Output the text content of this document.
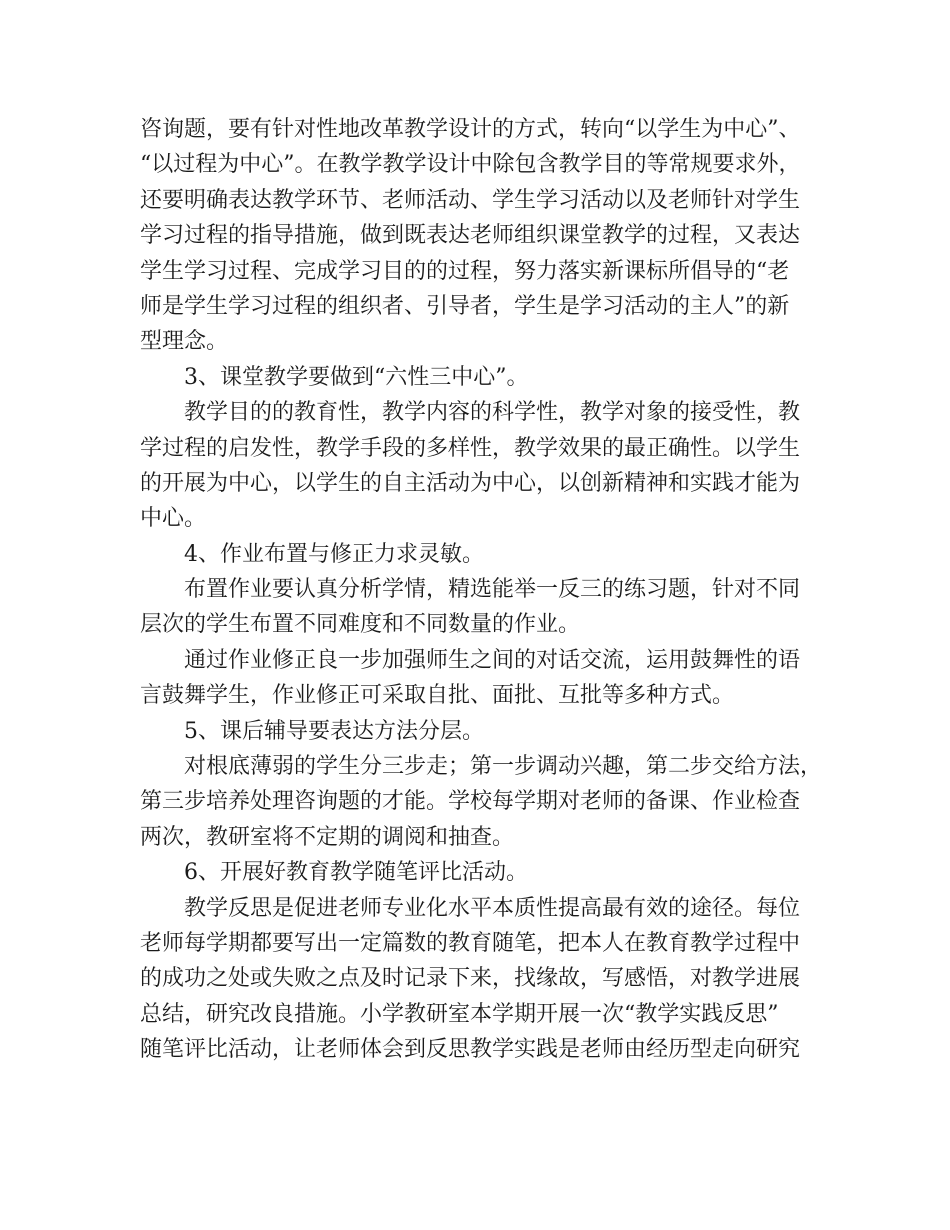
咨询题，要有针对性地改革教学设计的方式，转向“以学生为中心”、
“以过程为中心”。在教学教学设计中除包含教学目的等常规要求外，
还要明确表达教学环节、老师活动、学生学习活动以及老师针对学生
学习过程的指导措施，做到既表达老师组织课堂教学的过程，又表达
学生学习过程、完成学习目的的过程，努力落实新课标所倡导的“老
师是学生学习过程的组织者、引导者，学生是学习活动的主人”的新
型理念。
3、课堂教学要做到“六性三中心”。
教学目的的教育性，教学内容的科学性，教学对象的接受性，教
学过程的启发性，教学手段的多样性，教学效果的最正确性。以学生
的开展为中心，以学生的自主活动为中心，以创新精神和实践才能为
中心。
4、作业布置与修正力求灵敏。
布置作业要认真分析学情，精选能举一反三的练习题，针对不同
层次的学生布置不同难度和不同数量的作业。
通过作业修正良一步加强师生之间的对话交流，运用鼓舞性的语
言鼓舞学生，作业修正可采取自批、面批、互批等多种方式。
5、课后辅导要表达方法分层。
对根底薄弱的学生分三步走；第一步调动兴趣，第二步交给方法，
第三步培养处理咨询题的才能。学校每学期对老师的备课、作业检查
两次，教研室将不定期的调阅和抽查。
6、开展好教育教学随笔评比活动。
教学反思是促进老师专业化水平本质性提高最有效的途径。每位
老师每学期都要写出一定篇数的教育随笔，把本人在教育教学过程中
的成功之处或失败之点及时记录下来，找缘故，写感悟，对教学进展
总结，研究改良措施。小学教研室本学期开展一次“教学实践反思”
随笔评比活动，让老师体会到反思教学实践是老师由经历型走向研究
